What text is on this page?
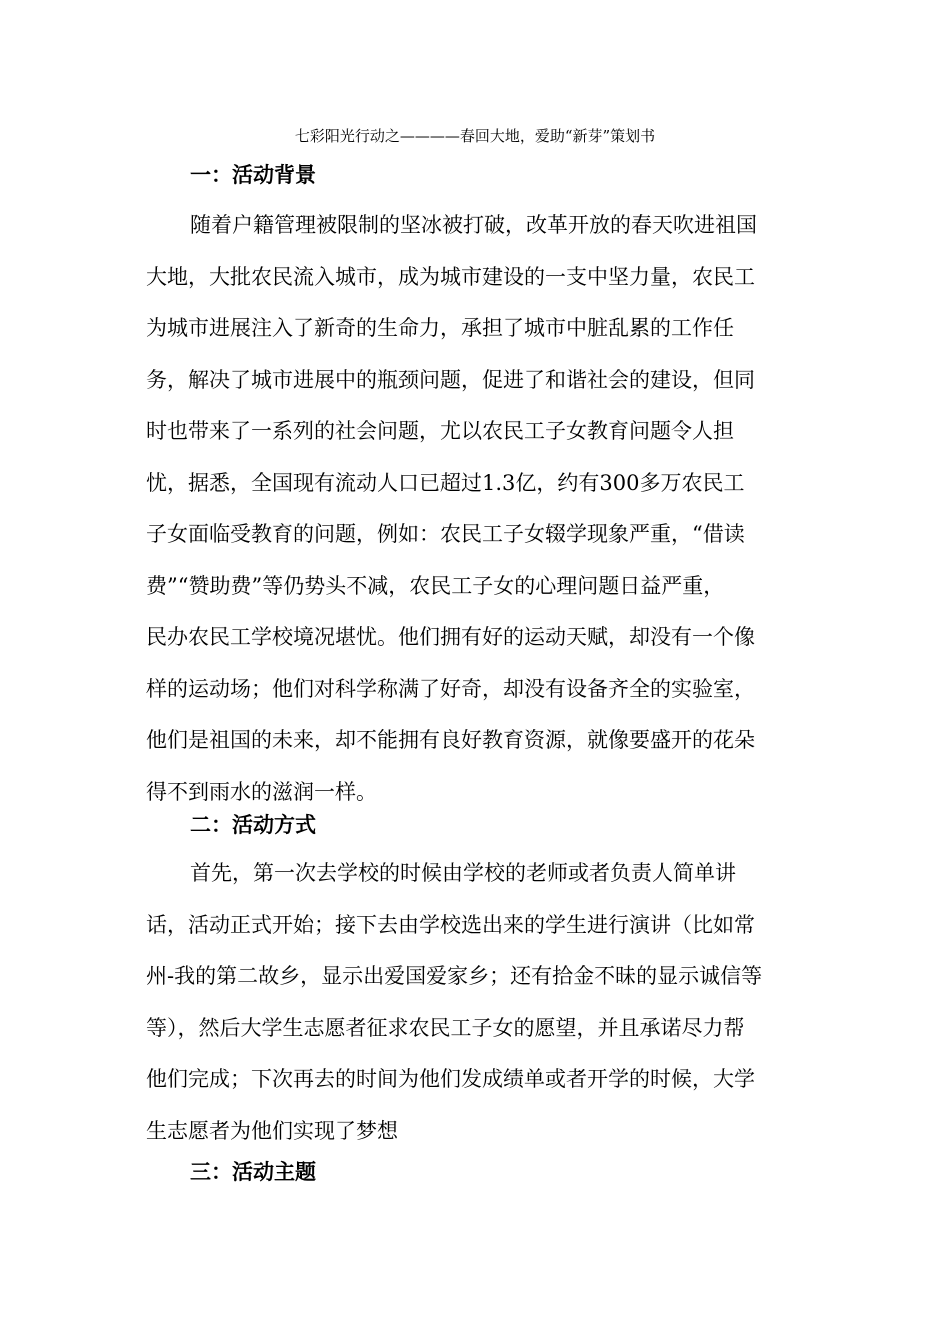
七彩阳光行动之————春回大地，爱助“新芽”策划书

一：活动背景
随着户籍管理被限制的坚冰被打破，改革开放的春天吹进祖国
大地，大批农民流入城市，成为城市建设的一支中坚力量，农民工
为城市进展注入了新奇的生命力，承担了城市中脏乱累的工作任
务，解决了城市进展中的瓶颈问题，促进了和谐社会的建设，但同
时也带来了一系列的社会问题，尤以农民工子女教育问题令人担
忧，据悉，全国现有流动人口已超过1.3亿，约有300多万农民工
子女面临受教育的问题，例如：农民工子女辍学现象严重，“借读
费”“赞助费”等仍势头不减，农民工子女的心理问题日益严重，
民办农民工学校境况堪忧。他们拥有好的运动天赋，却没有一个像
样的运动场；他们对科学称满了好奇，却没有设备齐全的实验室，
他们是祖国的未来，却不能拥有良好教育资源，就像要盛开的花朵
得不到雨水的滋润一样。
二：活动方式
首先，第一次去学校的时候由学校的老师或者负责人简单讲
话，活动正式开始；接下去由学校选出来的学生进行演讲（比如常
州-我的第二故乡，显示出爱国爱家乡；还有拾金不昧的显示诚信等
等），然后大学生志愿者征求农民工子女的愿望，并且承诺尽力帮
他们完成；下次再去的时间为他们发成绩单或者开学的时候，大学
生志愿者为他们实现了梦想
三：活动主题
